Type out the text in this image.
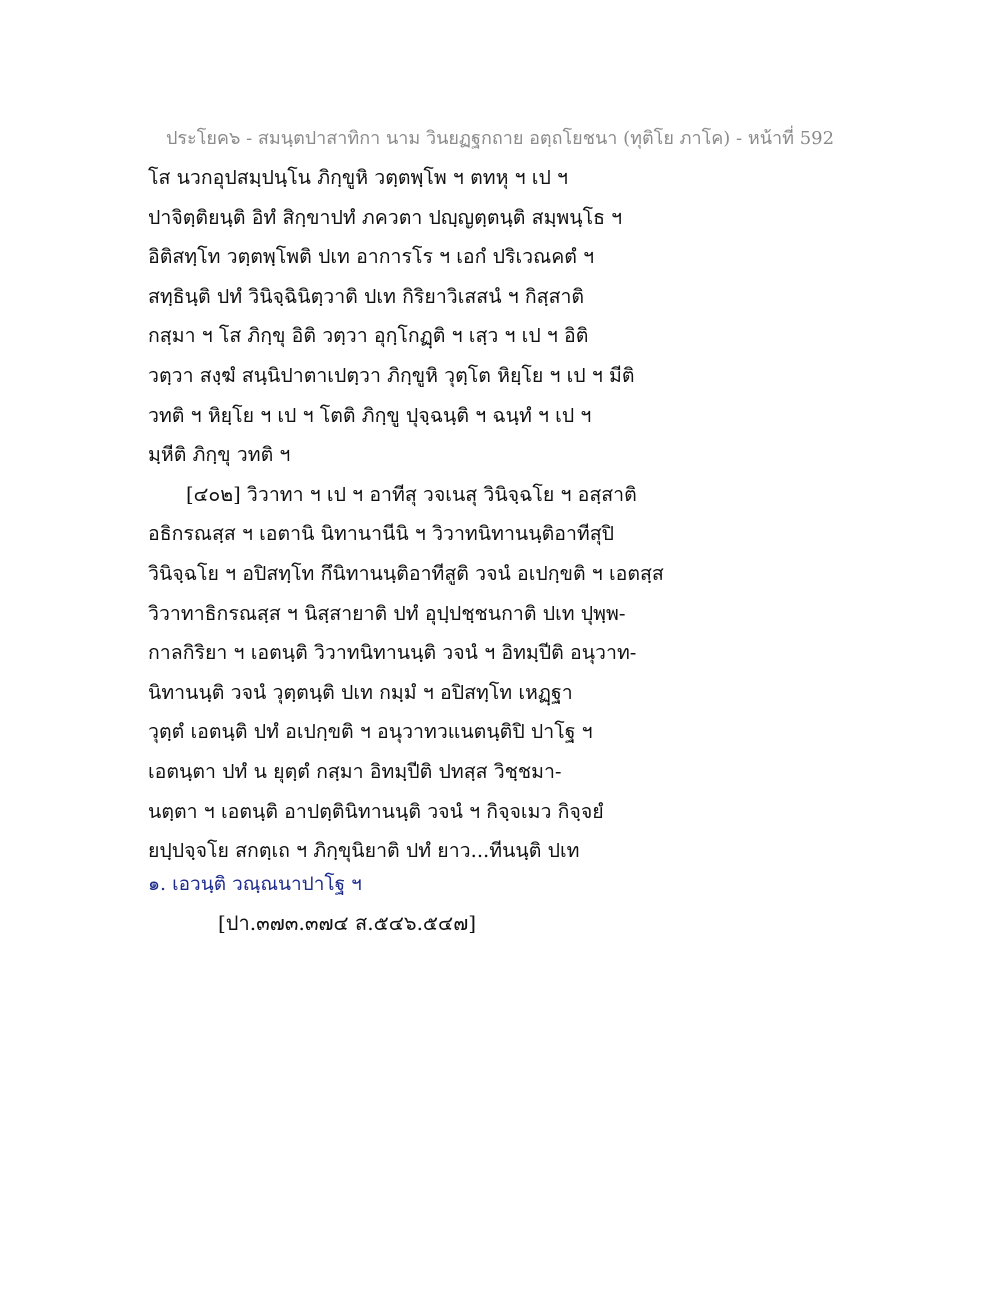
ประโยค๖ - สมนฺตปาสาทิกา นาม วินยฏฐกถาย อตฺถโยชนา (ทุติโย ภาโค) - หน้าที่ 592
โส นวกอุปสมฺปนฺโน ภิกฺขูหิ วตฺตพฺโพ ฯ ตทหุ ฯ เป ฯ
ปาจิตฺติยนฺติ อิทํ สิกฺขาปทํ ภควตา ปญฺญตฺตนฺติ สมฺพนฺโธ ฯ
อิติสทฺโท วตฺตพฺโพติ ปเท อาการโร ฯ เอกํ ปริเวณคตํ ฯ
สทฺธินฺติ ปทํ วินิจฺฉินิตฺวาติ ปเท กิริยาวิเสสนํ ฯ กิสฺสาติ
กสฺมา ฯ โส ภิกฺขุ อิติ วตฺวา อุกฺโกฏฺติ ฯ เสฺว ฯ เป ฯ อิติ
วตฺวา สงฺฆํ สนฺนิปาตาเปตฺวา ภิกฺขูหิ วุตฺโต หิยฺโย ฯ เป ฯ มีติ
วทติ ฯ หิยฺโย ฯ เป ฯ โตติ ภิกฺขู ปุจฺฉนฺติ ฯ ฉนฺทํ ฯ เป ฯ
มฺหีติ ภิกฺขุ วทติ ฯ
[๔๐๒] วิวาทา ฯ เป ฯ อาทีสุ วจเนสุ วินิจฺฉโย ฯ อสฺสาติ
อธิกรณสฺส ฯ เอตานิ นิทานานีนิ ฯ วิวาทนิทานนฺติอาทีสุปิ
วินิจฺฉโย ฯ อปิสทฺโท กึนิทานนฺติอาทีสูติ วจนํ อเปกฺขติ ฯ เอตสฺส
วิวาทาธิกรณสฺส ฯ นิสฺสายาติ ปทํ อุปฺปชฺชนกาติ ปเท ปุพฺพ-
กาลกิริยา ฯ เอตนฺติ วิวาทนิทานนฺติ วจนํ ฯ อิทมฺปีติ อนุวาท-
นิทานนฺติ วจนํ วุตฺตนฺติ ปเท กมฺมํ ฯ อปิสทฺโท เหฏฺฐา
วุตฺตํ เอตนฺติ ปทํ อเปกฺขติ ฯ อนุวาทวแนตนฺติปิ ปาโฐ ฯ
เอตนฺตา ปทํ น ยุตฺตํ กสฺมา อิทมฺปีติ ปทสฺส วิชฺชมา-
นตฺตา ฯ เอตนฺติ อาปตฺตินิทานนฺติ วจนํ ฯ กิจฺจเมว กิจฺจยํ
ยปฺปจฺจโย สกตฺเถ ฯ ภิกฺขุนิยาติ ปทํ ยาว...ทีนนฺติ ปเท
๑. เอวนฺติ วณฺณนาปาโฐ ฯ
[ปา.๓๗๓.๓๗๔ ส.๕๔๖.๕๔๗]
